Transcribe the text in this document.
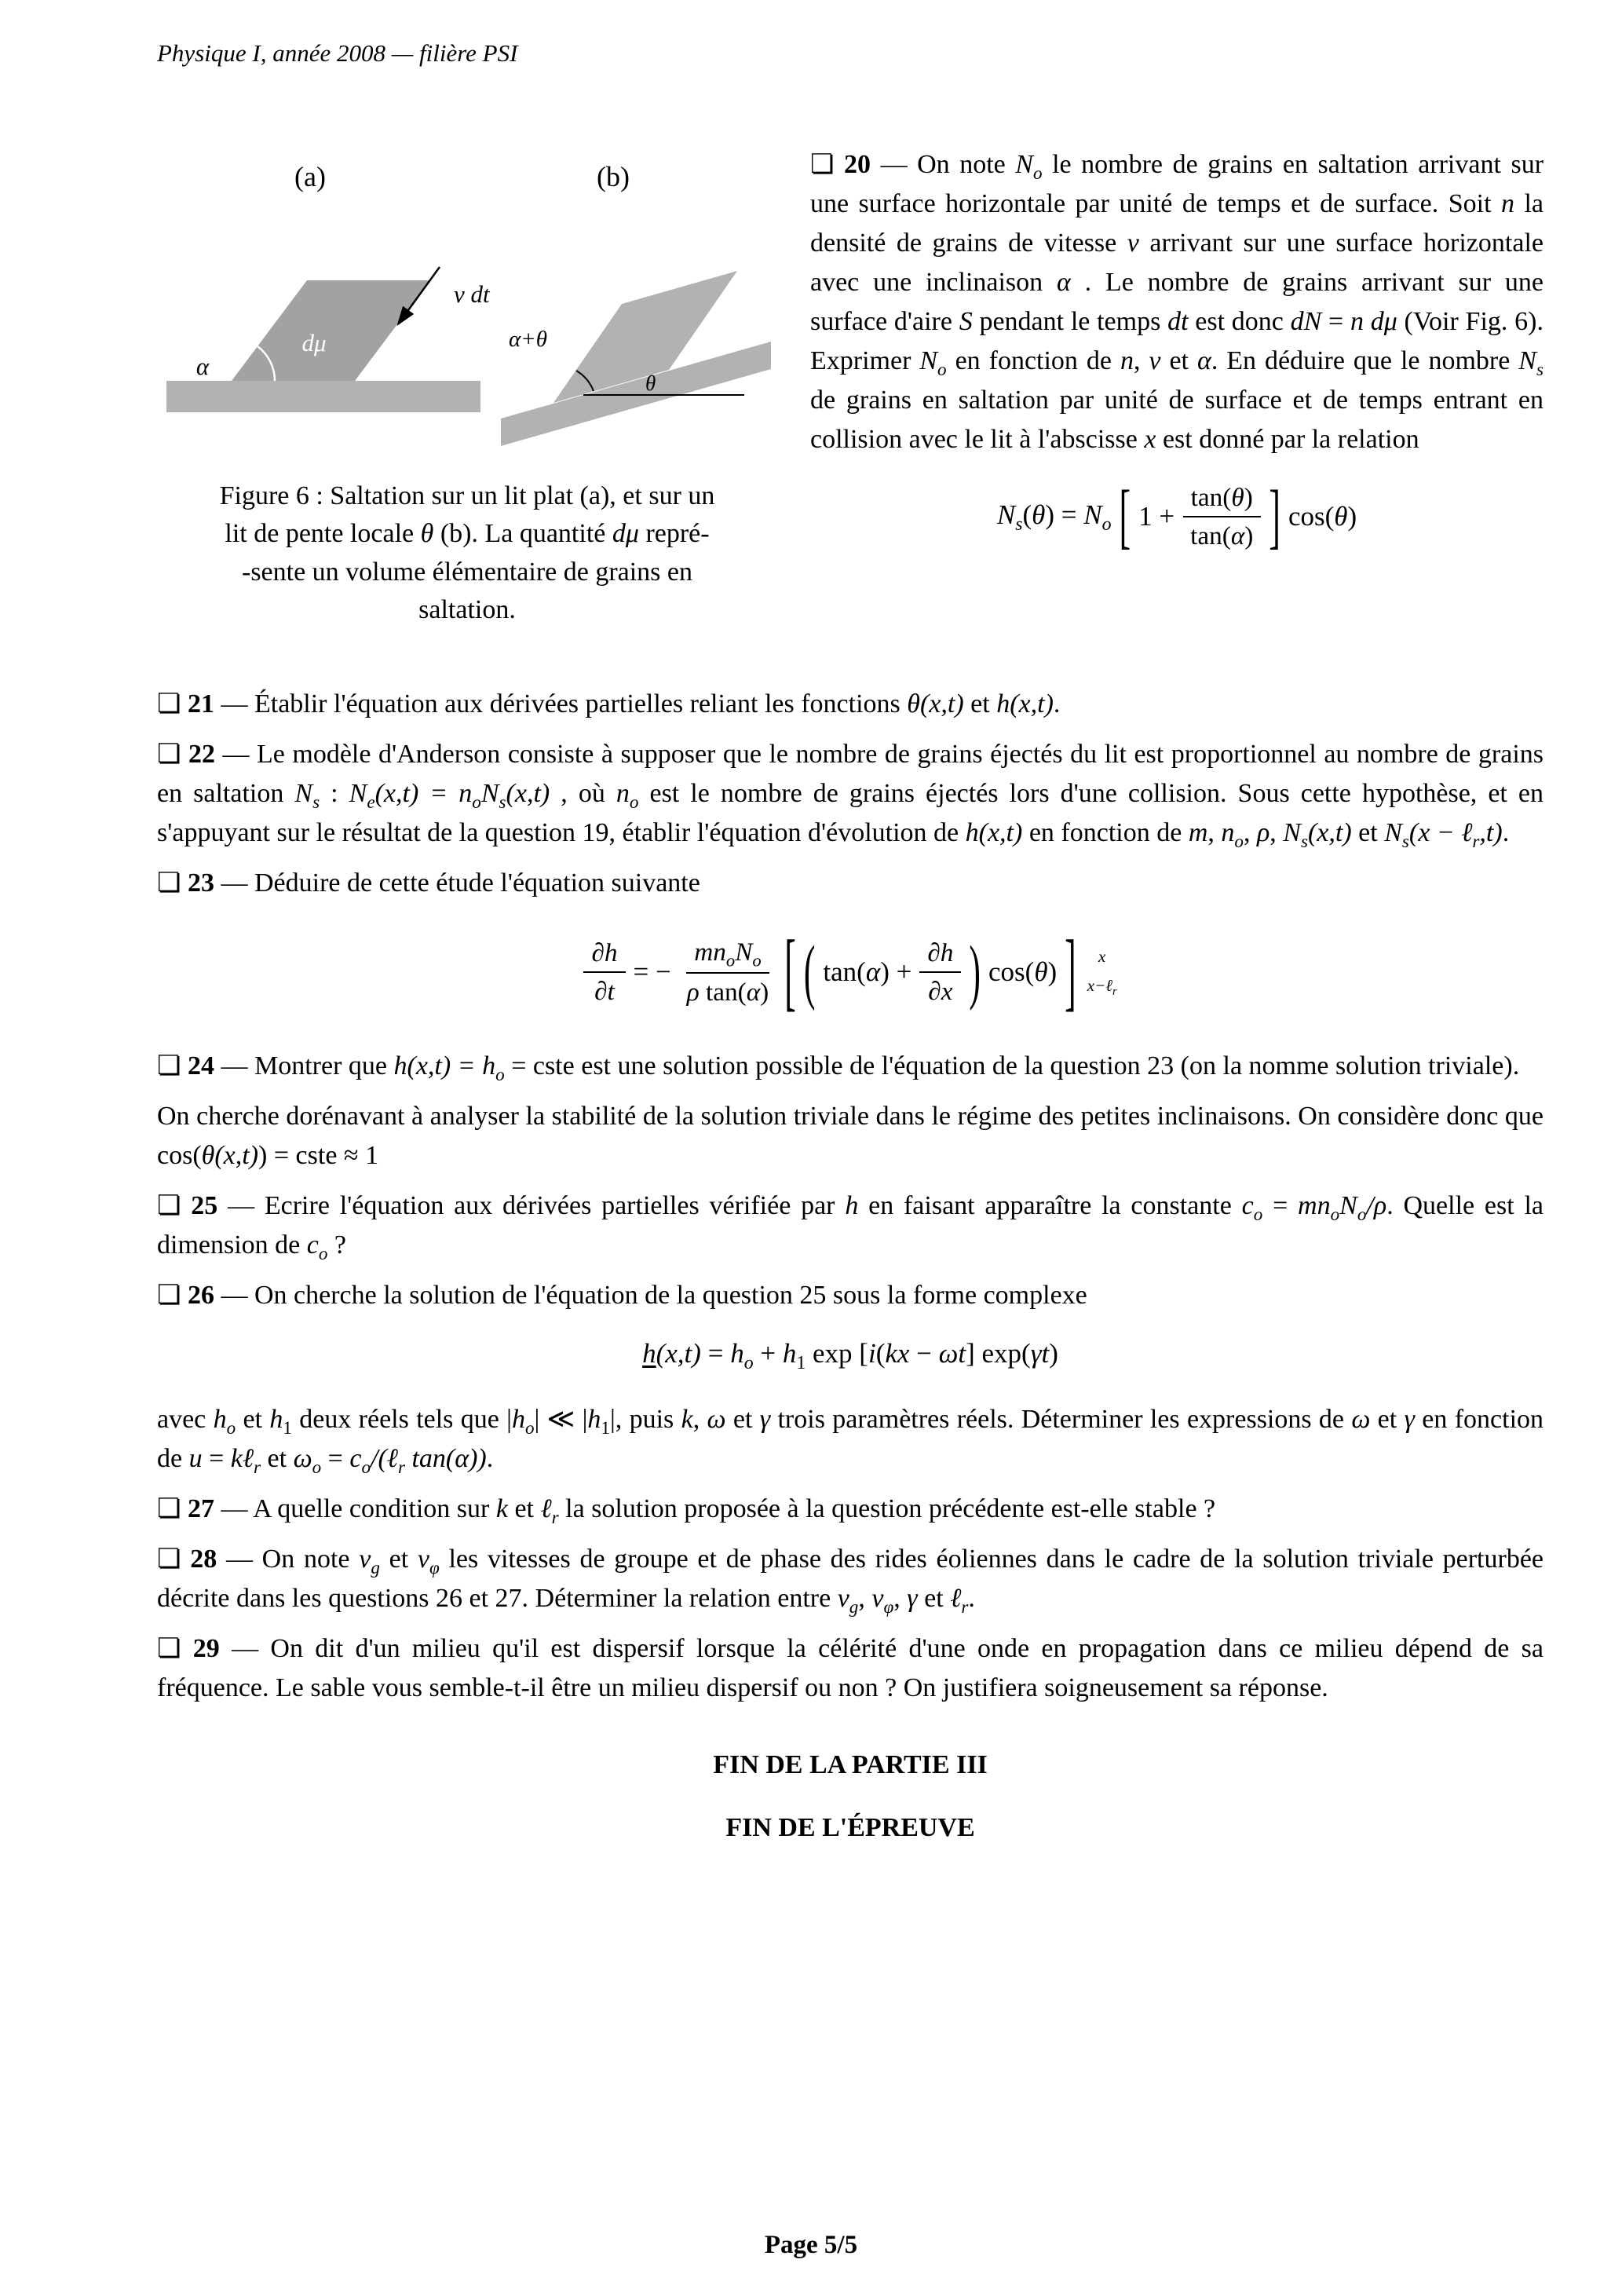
Physique I, année 2008 — filière PSI
(a)
v dt
dμ
α
(b)
α+θ
θ
Figure 6 : Saltation sur un lit plat (a), et sur un
lit de pente locale θ (b). La quantité dμ repré-
-sente un volume élémentaire de grains en
saltation.

❏ 20 — On note $N_o$ le nombre de grains en saltation arrivant sur une surface horizontale par unité de temps et de surface. Soit n la densité de grains de vitesse v arrivant sur une surface horizontale avec une inclinaison α . Le nombre de grains arrivant sur une surface d'aire S pendant le temps dt est donc dN = n dμ (Voir Fig. 6). Exprimer $N_o$ en fonction de n, v et α. En déduire que le nombre $N_s$ de grains en saltation par unité de surface et de temps entrant en collision avec le lit à l'abscisse x est donné par la relation

$N_s(\theta) = N_o$ [ $1 + \frac{\tan(\theta)}{\tan(\alpha)}$ ] cos(θ)

❏ 21 — Établir l'équation aux dérivées partielles reliant les fonctions θ(x,t) et h(x,t).

❏ 22 — Le modèle d'Anderson consiste à supposer que le nombre de grains éjectés du lit est proportionnel au nombre de grains en saltation $N_s$ : $N_e(x,t) = n_oN_s(x,t)$ , où $n_o$ est le nombre de grains éjectés lors d'une collision. Sous cette hypothèse, et en s'appuyant sur le résultat de la question 19, établir l'équation d'évolution de h(x,t) en fonction de m, $n_o$, ρ, $N_s(x,t)$ et $N_s(x$ − ℓ$_r$,t).

❏ 23 — Déduire de cette étude l'équation suivante

$\frac{\partial h}{\partial t}$ = − $\frac{mn_oN_o}{\text{ρ tan(α)}}$ [ ( $\tan(\alpha) + \frac{\partial h}{\partial x}$ ) cos(θ) ]	x
x−ℓ$_r$

❏ 24 — Montrer que $h(x,t) = h_o$ = cste est une solution possible de l'équation de la question 23 (on la nomme solution triviale).

On cherche dorénavant à analyser la stabilité de la solution triviale dans le régime des petites inclinaisons. On considère donc que cos(θ(x,t)) = cste ≈ 1

❏ 25 — Ecrire l'équation aux dérivées partielles vérifiée par h en faisant apparaître la constante $c_o = mn_oN_o/\rho$. Quelle est la dimension de $c_o$ ?

❏ 26 — On cherche la solution de l'équation de la question 25 sous la forme complexe

$h(x,t) = h_o + h_1$ exp [i(kx − ωt] exp(γt)

avec $h_o$ et $h_1$ deux réels tels que $|h_o|$ ≪ $|h_1|$, puis k, ω et γ trois paramètres réels. Déterminer les expressions de ω et γ en fonction de u = kℓ$_r$ et $\omega_o$ = $c_o/(\ell_r$ tan(α)).

❏ 27 — A quelle condition sur k et ℓ$_r$ la solution proposée à la question précédente est-elle stable ?

❏ 28 — On note $v_g$ et $v_\varphi$ les vitesses de groupe et de phase des rides éoliennes dans le cadre de la solution triviale perturbée décrite dans les questions 26 et 27. Déterminer la relation entre $v_g$, $v_\varphi$, γ et ℓ$_r$.

❏ 29 — On dit d'un milieu qu'il est dispersif lorsque la célérité d'une onde en propagation dans ce milieu dépend de sa fréquence. Le sable vous semble-t-il être un milieu dispersif ou non ? On justifiera soigneusement sa réponse.

FIN DE LA PARTIE III
FIN DE L'ÉPREUVE
Page 5/5
